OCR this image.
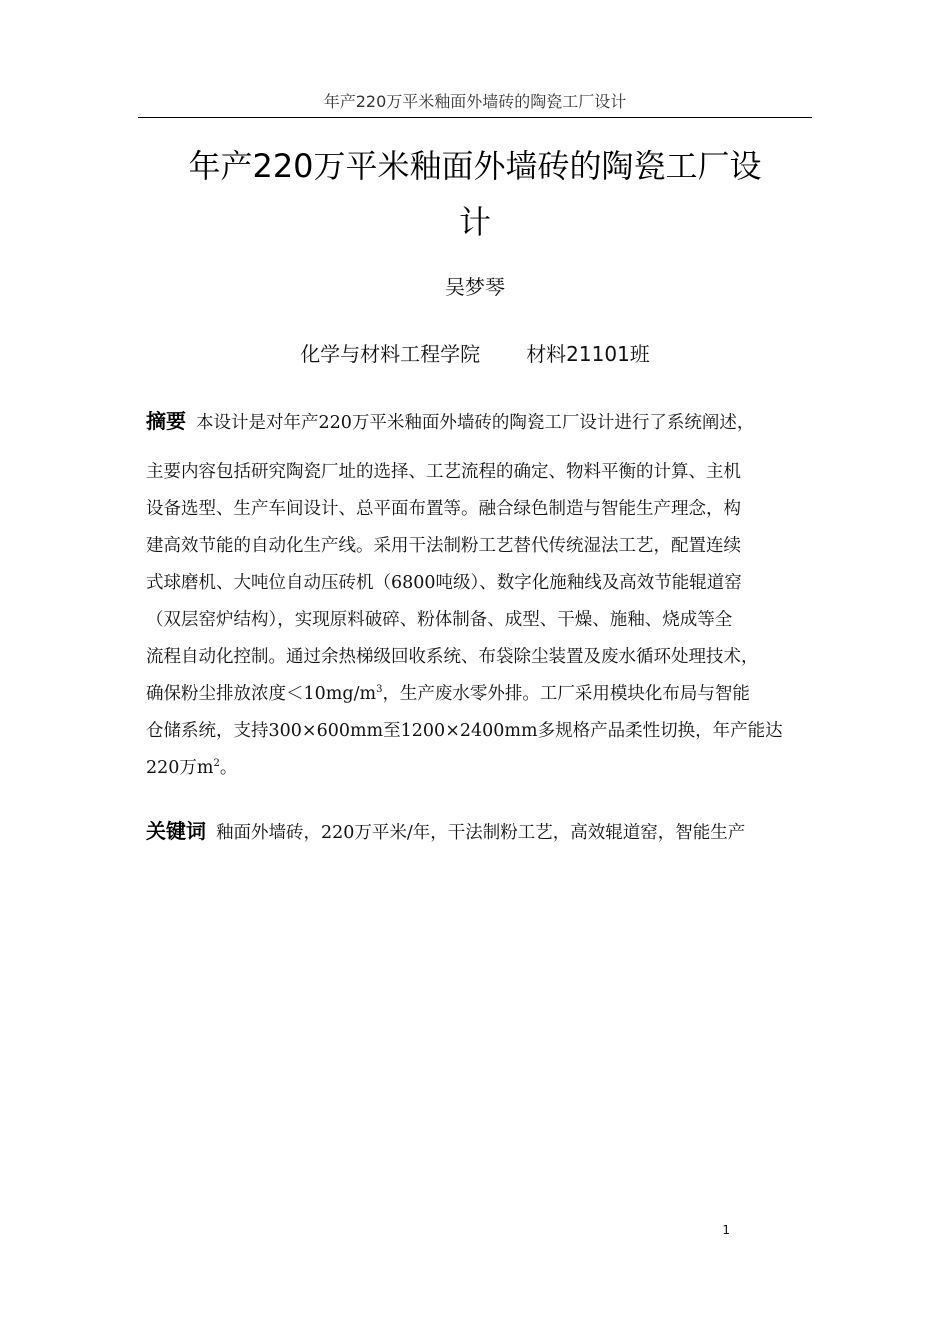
年产220万平米釉面外墙砖的陶瓷工厂设计
年产220万平米釉面外墙砖的陶瓷工厂设
计
吴梦琴
化学与材料工程学院 材料21101班
摘要 本设计是对年产220万平米釉面外墙砖的陶瓷工厂设计进行了系统阐述，
主要内容包括研究陶瓷厂址的选择、工艺流程的确定、物料平衡的计算、主机
设备选型、生产车间设计、总平面布置等。融合绿色制造与智能生产理念，构
建高效节能的自动化生产线。采用干法制粉工艺替代传统湿法工艺，配置连续
式球磨机、大吨位自动压砖机（6800吨级）、数字化施釉线及高效节能辊道窑
（双层窑炉结构），实现原料破碎、粉体制备、成型、干燥、施釉、烧成等全
流程自动化控制。通过余热梯级回收系统、布袋除尘装置及废水循环处理技术，
确保粉尘排放浓度$<10mg/m^3$，生产废水零外排。工厂采用模块化布局与智能
仓储系统，支持300×600mm至1200×2400mm多规格产品柔性切换，年产能达
220万$m^2$。
关键词 釉面外墙砖，220万平米/年，干法制粉工艺，高效辊道窑，智能生产
1
